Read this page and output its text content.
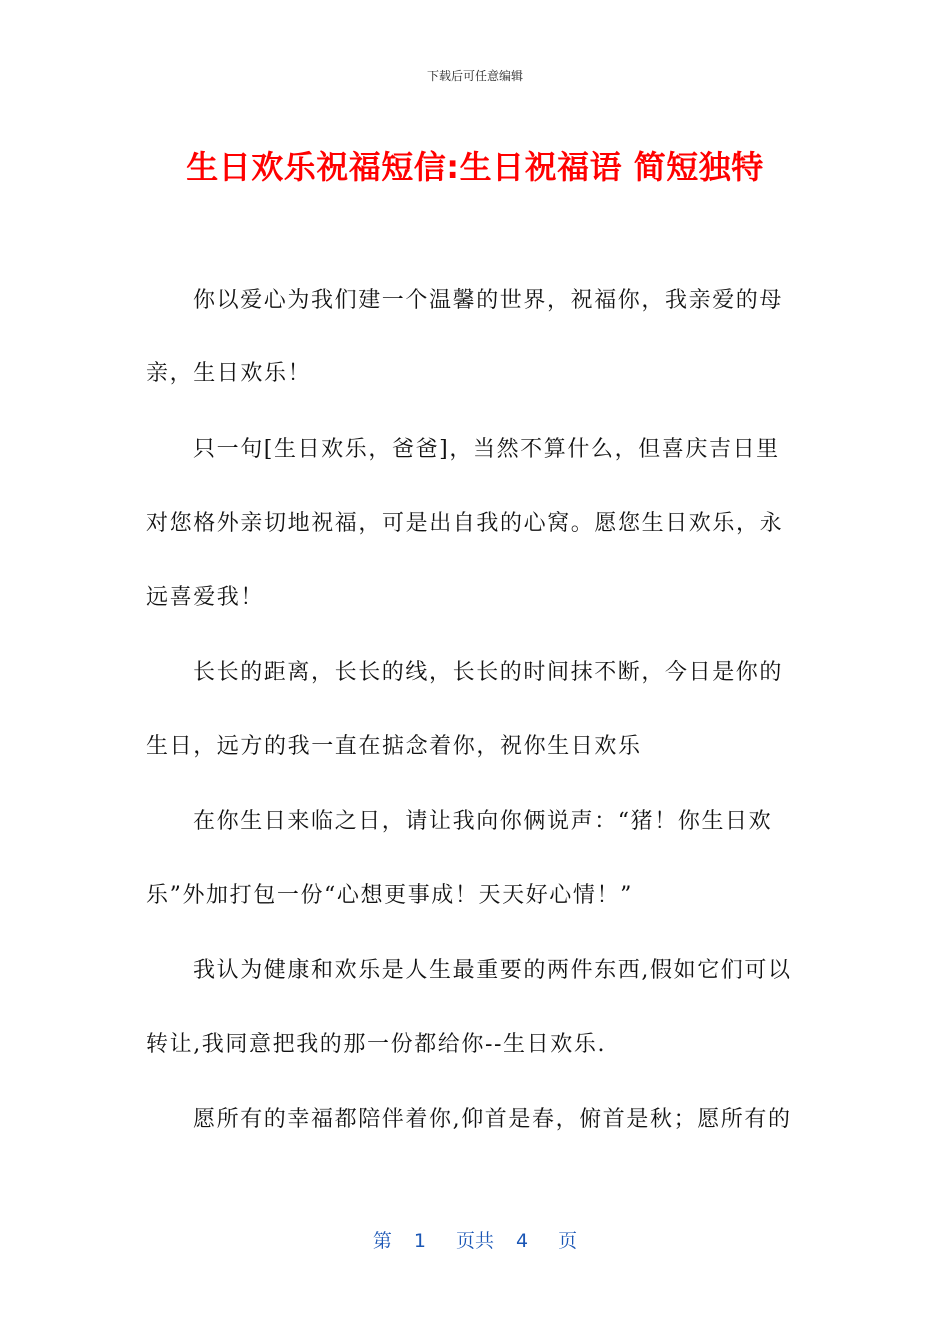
下载后可任意编辑
生日欢乐祝福短信:生日祝福语 简短独特
你以爱心为我们建一个温馨的世界，祝福你，我亲爱的母
亲，生日欢乐！
只一句[生日欢乐，爸爸]，当然不算什么，但喜庆吉日里
对您格外亲切地祝福，可是出自我的心窝。愿您生日欢乐，永
远喜爱我！
长长的距离，长长的线，长长的时间抹不断，今日是你的
生日，远方的我一直在掂念着你，祝你生日欢乐
在你生日来临之日，请让我向你俩说声：“猪！你生日欢
乐”外加打包一份“心想更事成！天天好心情！”
我认为健康和欢乐是人生最重要的两件东西,假如它们可以
转让,我同意把我的那一份都给你--生日欢乐.
愿所有的幸福都陪伴着你,仰首是春，俯首是秋；愿所有的
第 1 页共 4 页
